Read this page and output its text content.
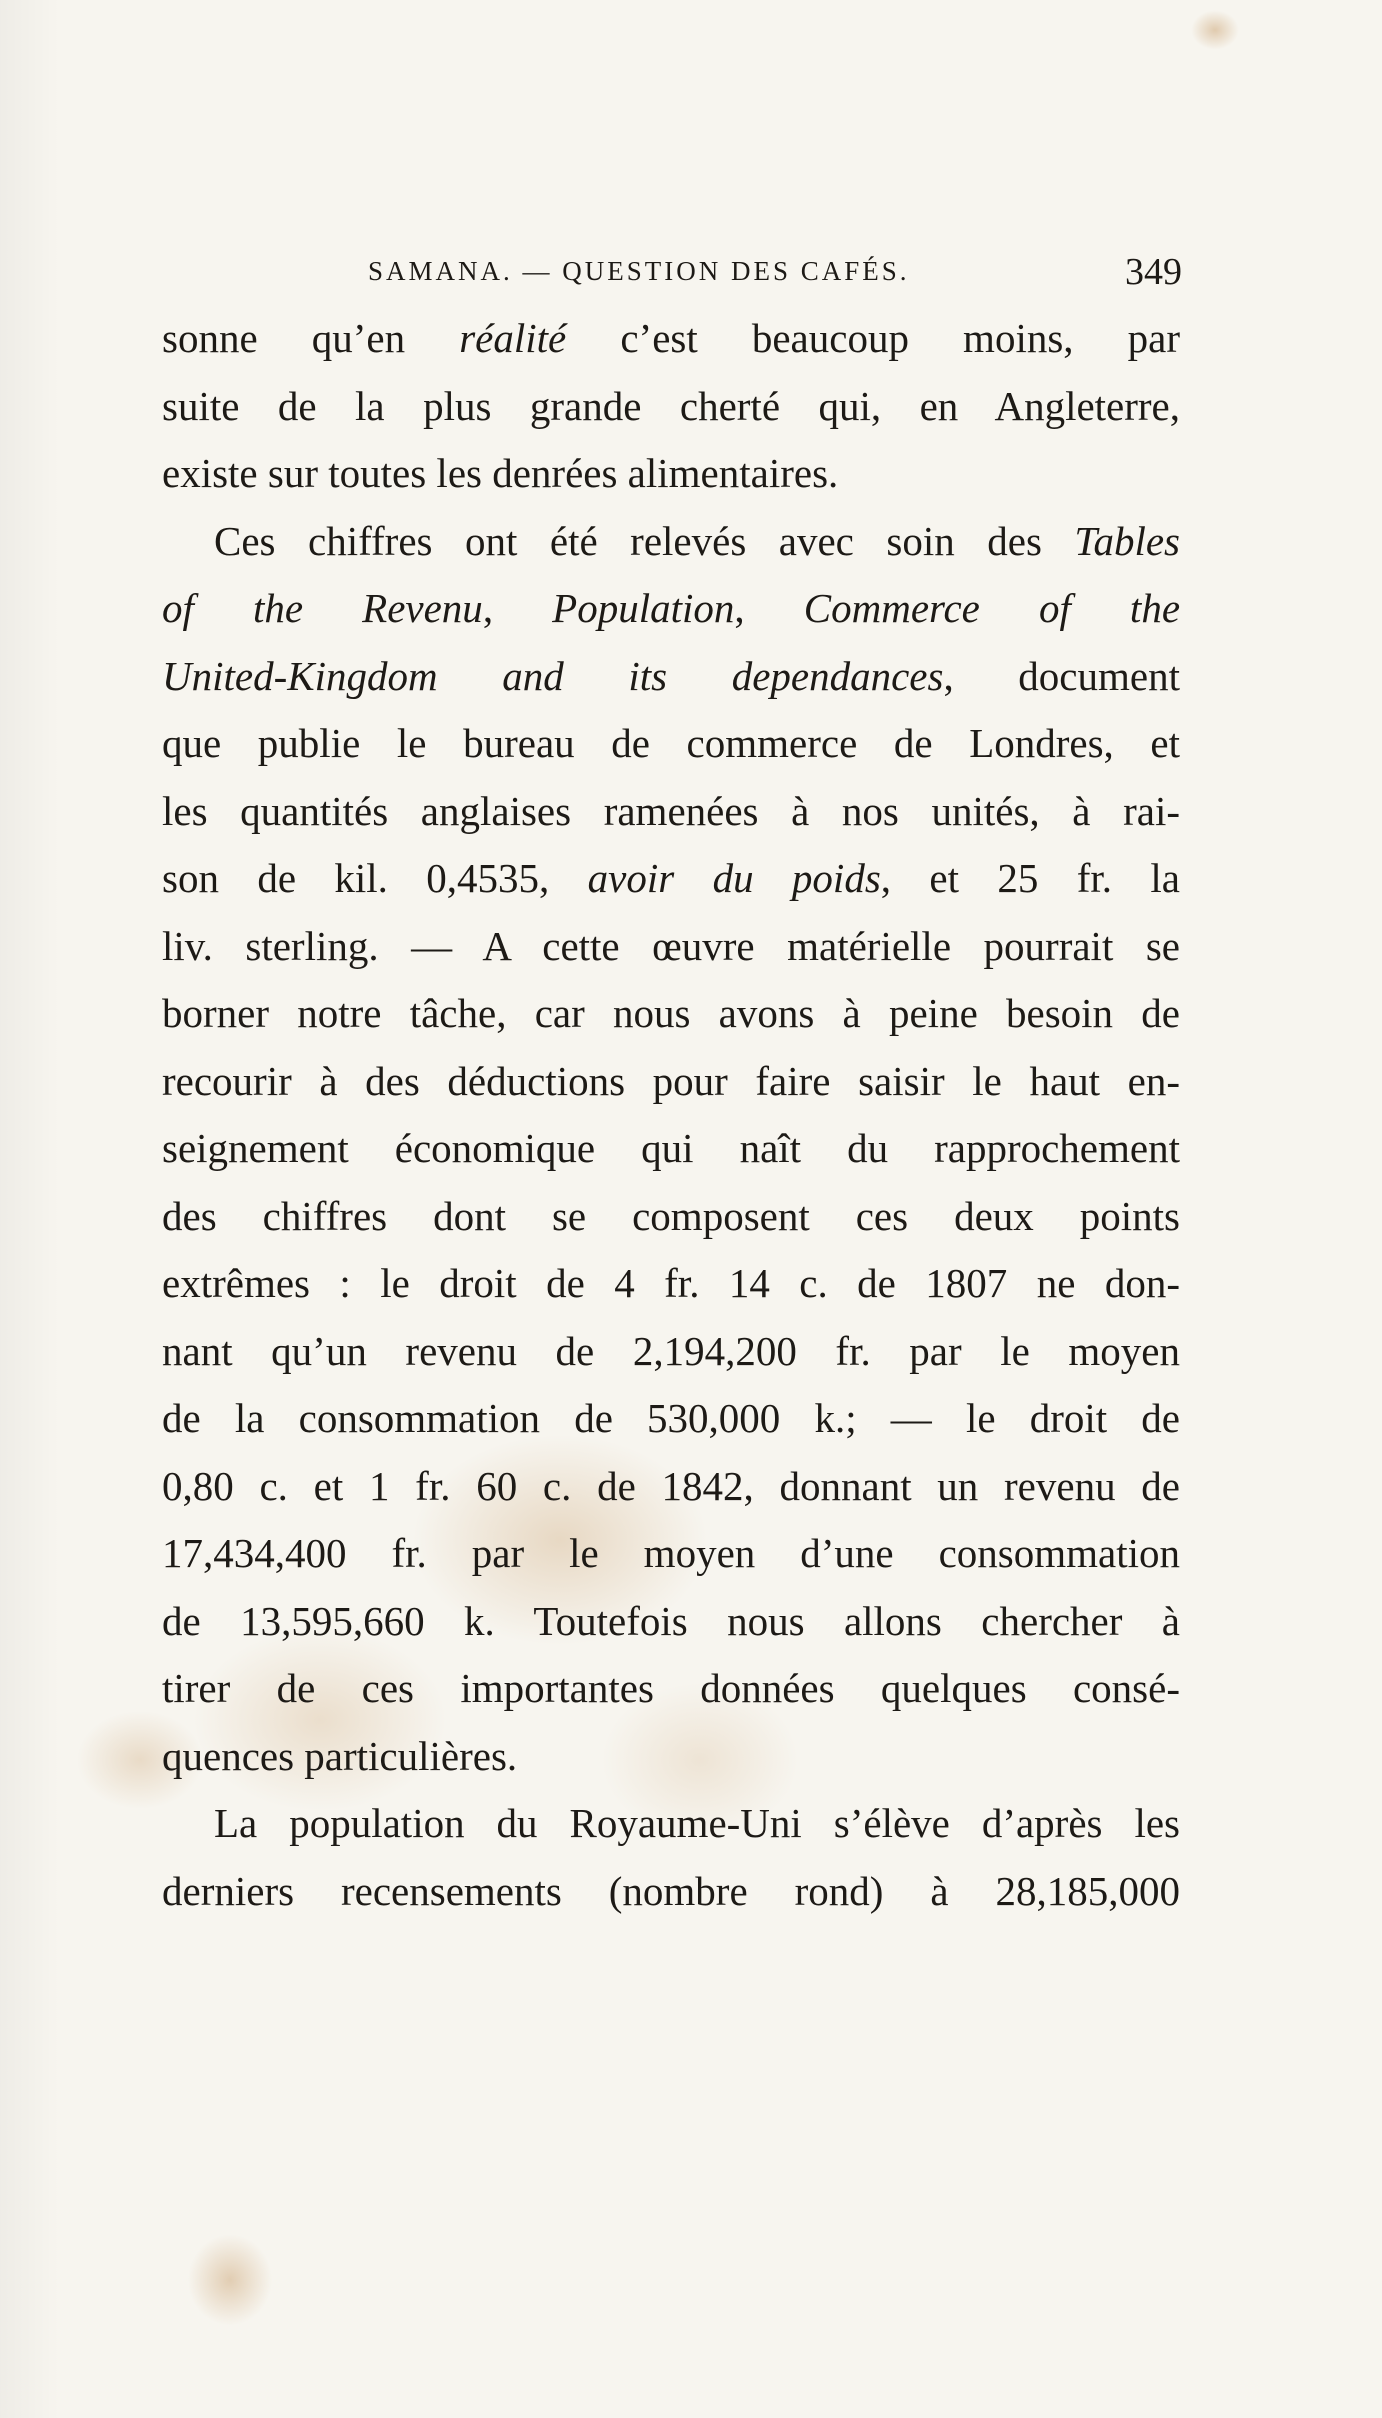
SAMANA. — QUESTION DES CAFÉS.	349
sonne qu’en réalité c’est beaucoup moins, par
suite de la plus grande cherté qui, en Angleterre,
existe sur toutes les denrées alimentaires.
Ces chiffres ont été relevés avec soin des Tables
of the Revenu, Population, Commerce of the
United-Kingdom and its dependances, document
que publie le bureau de commerce de Londres, et
les quantités anglaises ramenées à nos unités, à rai-
son de kil. 0,4535, avoir du poids, et 25 fr. la
liv. sterling. — A cette œuvre matérielle pourrait se
borner notre tâche, car nous avons à peine besoin de
recourir à des déductions pour faire saisir le haut en-
seignement économique qui naît du rapprochement
des chiffres dont se composent ces deux points
extrêmes : le droit de 4 fr. 14 c. de 1807 ne don-
nant qu’un revenu de 2,194,200 fr. par le moyen
de la consommation de 530,000 k.; — le droit de
0,80 c. et 1 fr. 60 c. de 1842, donnant un revenu de
17,434,400 fr. par le moyen d’une consommation
de 13,595,660 k. Toutefois nous allons chercher à
tirer de ces importantes données quelques consé-
quences particulières.
La population du Royaume-Uni s’élève d’après les
derniers recensements (nombre rond) à 28,185,000
